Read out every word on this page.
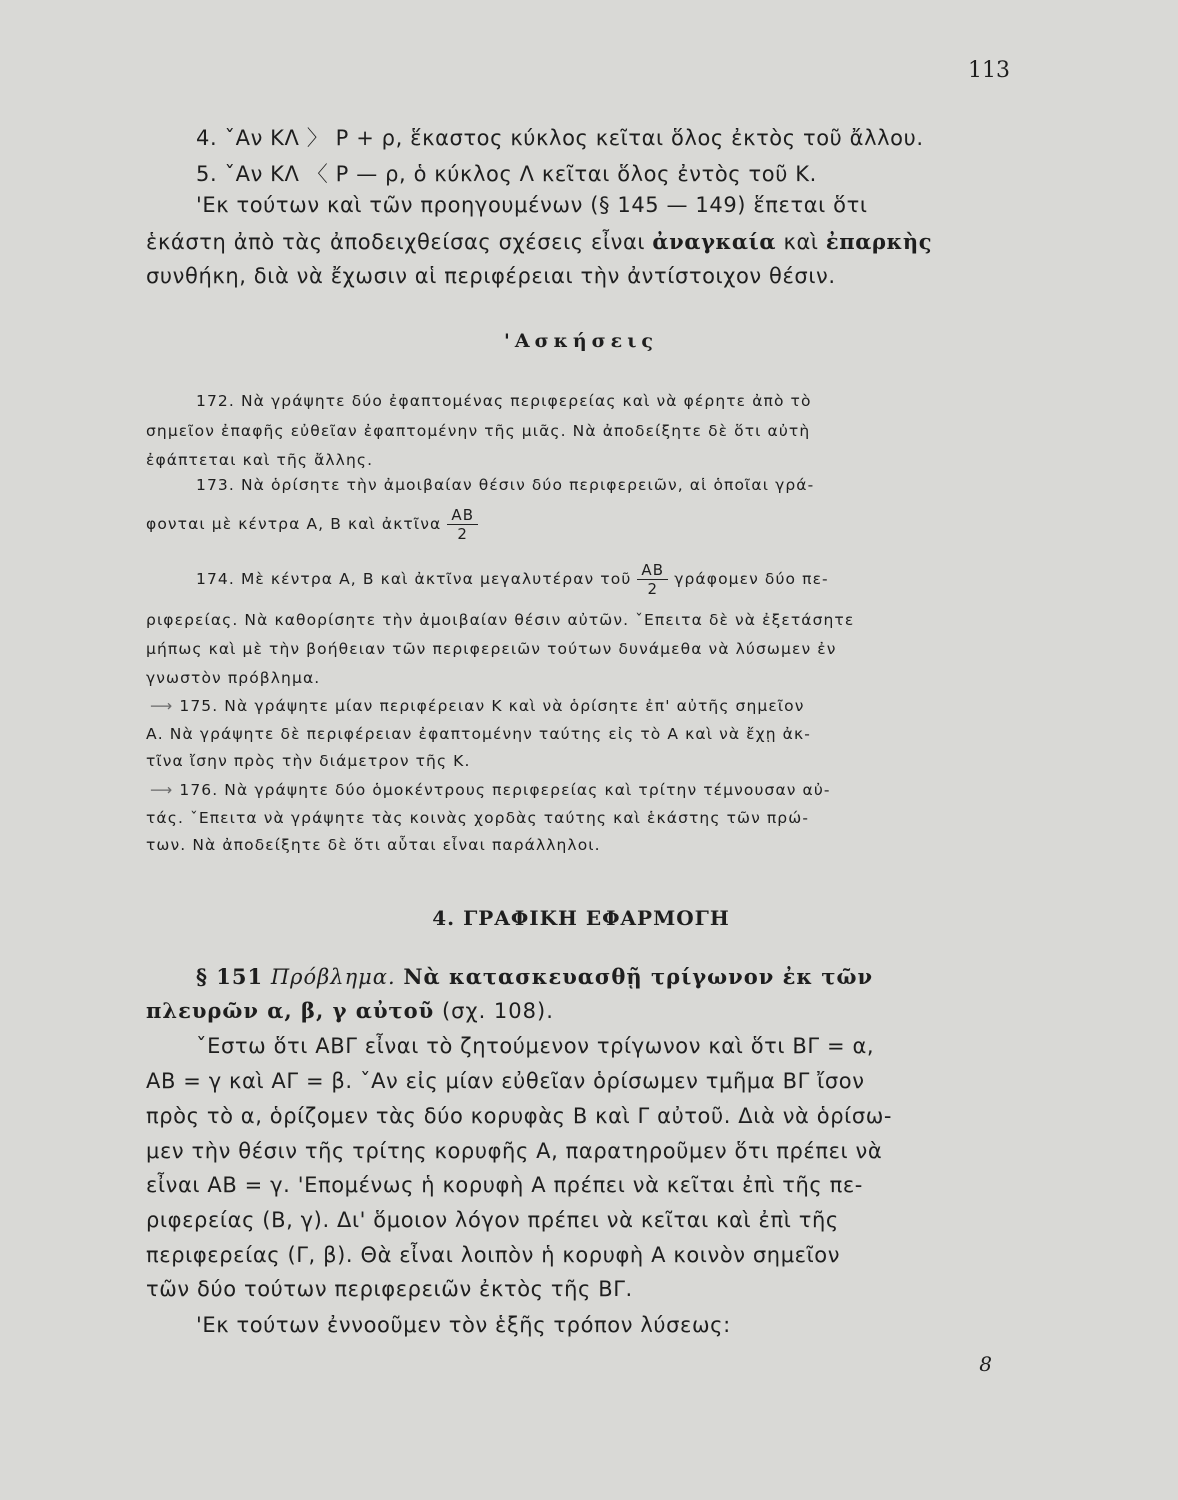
113
4. ˇΑν ΚΛ 〉 Ρ + ρ, ἕκαστος κύκλος κεῖται ὅλος ἐκτὸς τοῦ ἄλλου.
5. ˇΑν ΚΛ 〈 Ρ — ρ, ὁ κύκλος Λ κεῖται ὅλος ἐντὸς τοῦ Κ.
'Εκ τούτων καὶ τῶν προηγουμένων (§ 145 — 149) ἕπεται ὅτι
ἑκάστη ἀπὸ τὰς ἀποδειχθείσας σχέσεις εἶναι ἀναγκαία καὶ ἐπαρκὴς
συνθήκη, διὰ νὰ ἔχωσιν αἱ περιφέρειαι τὴν ἀντίστοιχον θέσιν.
'Ασκήσεις
172. Νὰ γράψητε δύο ἐφαπτομένας περιφερείας καὶ νὰ φέρητε ἀπὸ τὸ
σημεῖον ἐπαφῆς εὐθεῖαν ἐφαπτομένην τῆς μιᾶς. Νὰ ἀποδείξητε δὲ ὅτι αὐτὴ
ἐφάπτεται καὶ τῆς ἄλλης.
173. Νὰ ὁρίσητε τὴν ἀμοιβαίαν θέσιν δύο περιφερειῶν, αἱ ὁποῖαι γρά-
φονται μὲ κέντρα Α, Β καὶ ἀκτῖνα $\frac{AB}{2}$
174. Μὲ κέντρα Α, Β καὶ ἀκτῖνα μεγαλυτέραν τοῦ $\frac{AB}{2}$ γράφομεν δύο πε-
ριφερείας. Νὰ καθορίσητε τὴν ἀμοιβαίαν θέσιν αὐτῶν. ˇΕπειτα δὲ νὰ ἐξετάσητε
μήπως καὶ μὲ τὴν βοήθειαν τῶν περιφερειῶν τούτων δυνάμεθα νὰ λύσωμεν ἐν
γνωστὸν πρόβλημα.
⟶ 175. Νὰ γράψητε μίαν περιφέρειαν Κ καὶ νὰ ὁρίσητε ἐπ' αὐτῆς σημεῖον
Α. Νὰ γράψητε δὲ περιφέρειαν ἐφαπτομένην ταύτης εἰς τὸ Α καὶ νὰ ἔχῃ ἀκ-
τῖνα ἴσην πρὸς τὴν διάμετρον τῆς Κ.
⟶ 176. Νὰ γράψητε δύο ὁμοκέντρους περιφερείας καὶ τρίτην τέμνουσαν αὐ-
τάς. ˇΕπειτα νὰ γράψητε τὰς κοινὰς χορδὰς ταύτης καὶ ἑκάστης τῶν πρώ-
των. Νὰ ἀποδείξητε δὲ ὅτι αὗται εἶναι παράλληλοι.
4. ΓΡΑΦΙΚΗ ΕΦΑΡΜΟΓΗ
§ 151 Πρόβλημα. Νὰ κατασκευασθῇ τρίγωνον ἐκ τῶν
πλευρῶν α, β, γ αὐτοῦ (σχ. 108).
ˇΕστω ὅτι ΑΒΓ εἶναι τὸ ζητούμενον τρίγωνον καὶ ὅτι ΒΓ = α,
ΑΒ = γ καὶ ΑΓ = β. ˇΑν εἰς μίαν εὐθεῖαν ὁρίσωμεν τμῆμα ΒΓ ἴσον
πρὸς τὸ α, ὁρίζομεν τὰς δύο κορυφὰς Β καὶ Γ αὐτοῦ. Διὰ νὰ ὁρίσω-
μεν τὴν θέσιν τῆς τρίτης κορυφῆς Α, παρατηροῦμεν ὅτι πρέπει νὰ
εἶναι ΑΒ = γ. 'Επομένως ἡ κορυφὴ Α πρέπει νὰ κεῖται ἐπὶ τῆς πε-
ριφερείας (Β, γ). Δι' ὅμοιον λόγον πρέπει νὰ κεῖται καὶ ἐπὶ τῆς
περιφερείας (Γ, β). Θὰ εἶναι λοιπὸν ἡ κορυφὴ Α κοινὸν σημεῖον
τῶν δύο τούτων περιφερειῶν ἐκτὸς τῆς ΒΓ.
'Εκ τούτων ἐννοοῦμεν τὸν ἑξῆς τρόπον λύσεως:
8
